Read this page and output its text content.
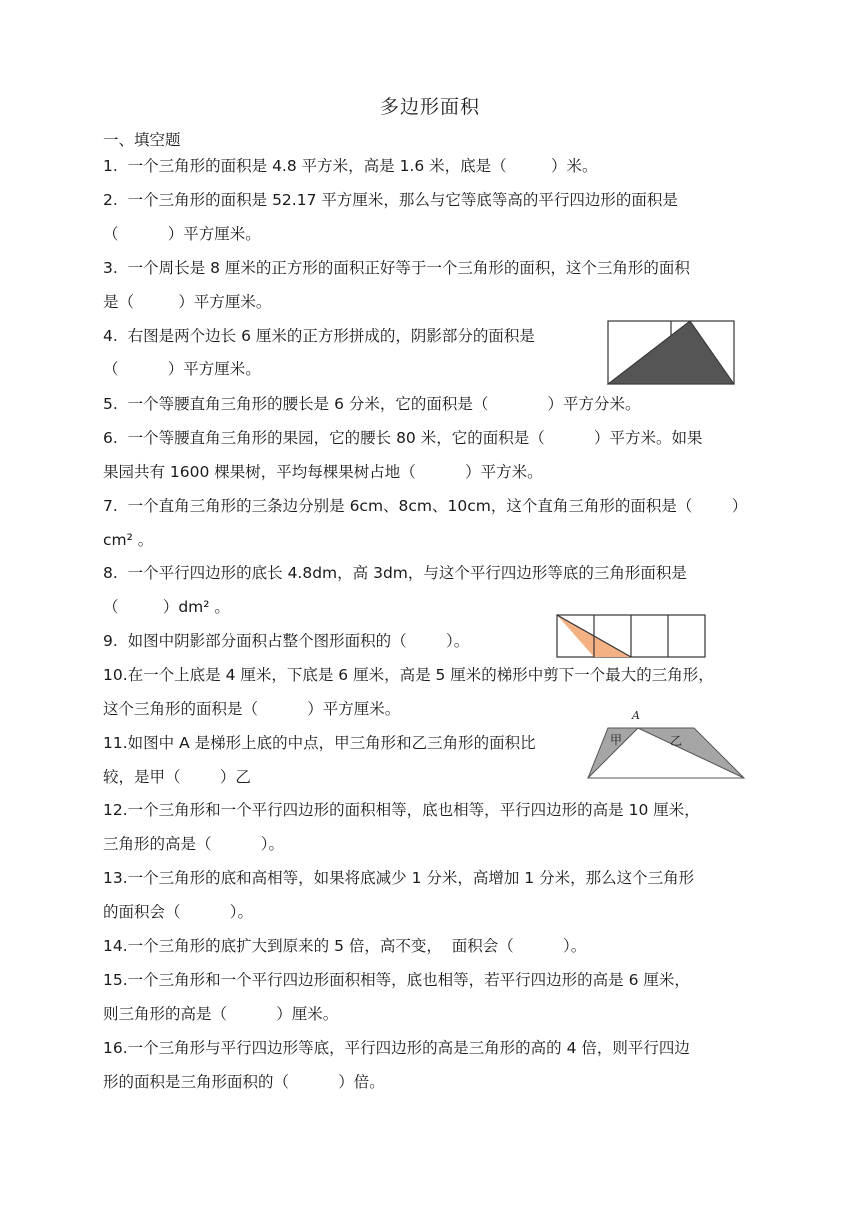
多边形面积
一、填空题
1.  一个三角形的面积是 4.8 平方米，高是 1.6 米，底是（         ）米。
2.  一个三角形的面积是 52.17 平方厘米，那么与它等底等高的平行四边形的面积是
（          ）平方厘米。
3.  一个周长是 8 厘米的正方形的面积正好等于一个三角形的面积，这个三角形的面积
是（         ）平方厘米。
4.  右图是两个边长 6 厘米的正方形拼成的，阴影部分的面积是
（          ）平方厘米。
5.  一个等腰直角三角形的腰长是 6 分米，它的面积是（            ）平方分米。
6.  一个等腰直角三角形的果园，它的腰长 80 米，它的面积是（          ）平方米。如果
果园共有 1600 棵果树，平均每棵果树占地（          ）平方米。
7.  一个直角三角形的三条边分别是 6cm、8cm、10cm，这个直角三角形的面积是（        ）
cm² 。
8.  一个平行四边形的底长 4.8dm，高 3dm，与这个平行四边形等底的三角形面积是
（         ）dm² 。
9.  如图中阴影部分面积占整个图形面积的（        ）。
10.在一个上底是 4 厘米，下底是 6 厘米，高是 5 厘米的梯形中剪下一个最大的三角形，
这个三角形的面积是（          ）平方厘米。
11.如图中 A 是梯形上底的中点，甲三角形和乙三角形的面积比
较，是甲（        ）乙
12.一个三角形和一个平行四边形的面积相等，底也相等，平行四边形的高是 10 厘米，
三角形的高是（          ）。
13.一个三角形的底和高相等，如果将底减少 1 分米，高增加 1 分米，那么这个三角形
的面积会（          ）。
14.一个三角形的底扩大到原来的 5 倍，高不变，  面积会（          ）。
15.一个三角形和一个平行四边形面积相等，底也相等，若平行四边形的高是 6 厘米，
则三角形的高是（          ）厘米。
16.一个三角形与平行四边形等底，平行四边形的高是三角形的高的 4 倍，则平行四边
形的面积是三角形面积的（          ）倍。
A
甲	乙
